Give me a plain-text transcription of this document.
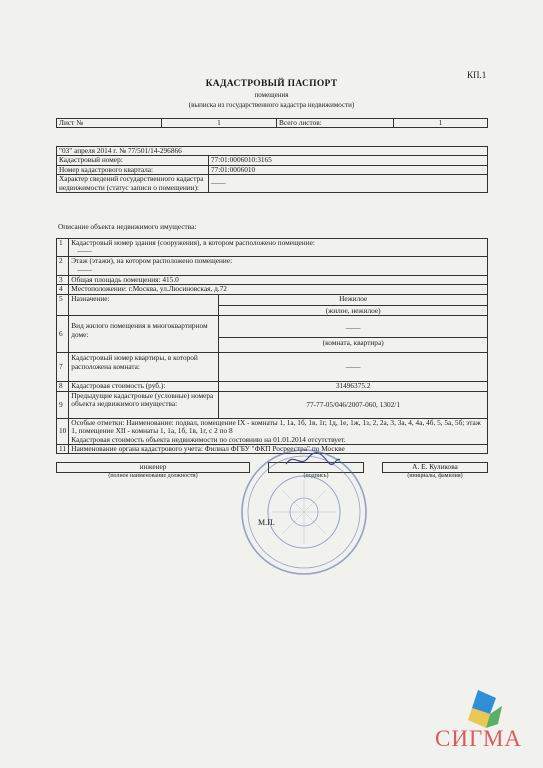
КП.1
КАДАСТРОВЫЙ ПАСПОРТ
помещения
(выписка из государственного кадастра недвижимости)
Лист №	1	Всего листов:	1
"03" апреля 2014 г. № 77/501/14-296866	
Кадастровый номер:	77:01:0006010:3165
Номер кадастрового квартала:	77:01:0006010
Характер сведений государственного кадастра недвижимости (статус записи о помещении):	——
Описание объекта недвижимого имущества:
1	Кадастровый номер здания (сооружения), в котором расположено помещение:
——	

2	Этаж (этажи), на котором расположено помещение:
——	

3	Общая площадь помещения: 415.0	
4	Местоположение: г.Москва, ул.Люсиновская, д.72	
5	Назначение:	Нежилое
(жилое, нежилое)

6	Вид жилого помещения в многоквартирном доме:	——
(комната, квартира)

7	Кадастровый номер квартиры, в которой расположена комната:	——
8	Кадастровая стоимость (руб.):	31496375.2
9	Предыдущие кадастровые (условные) номера объекта недвижимого имущества:	77-77-05/046/2007-060, 1302/1
10	Особые отметки: Наименование: подвал, помещение IX - комнаты 1, 1а, 1б, 1в, 1г, 1д, 1е, 1ж, 1з, 2, 2а, 3, 3а, 4, 4а, 4б, 5, 5а, 5б; этаж 1, помещение XII - комнаты 1, 1а, 1б, 1в, 1г, с 2 по 8
Кадастровая стоимость объекта недвижимости по состоянию на 01.01.2014 отсутствует.	

11	Наименование органа кадастрового учета: Филиал ФГБУ "ФКП Росреестра" по Москве	
инженер				А. Е. Куликова
(полное наименование должности)		(подпись)		(инициалы, фамилия)
М.П.
СИГМА
